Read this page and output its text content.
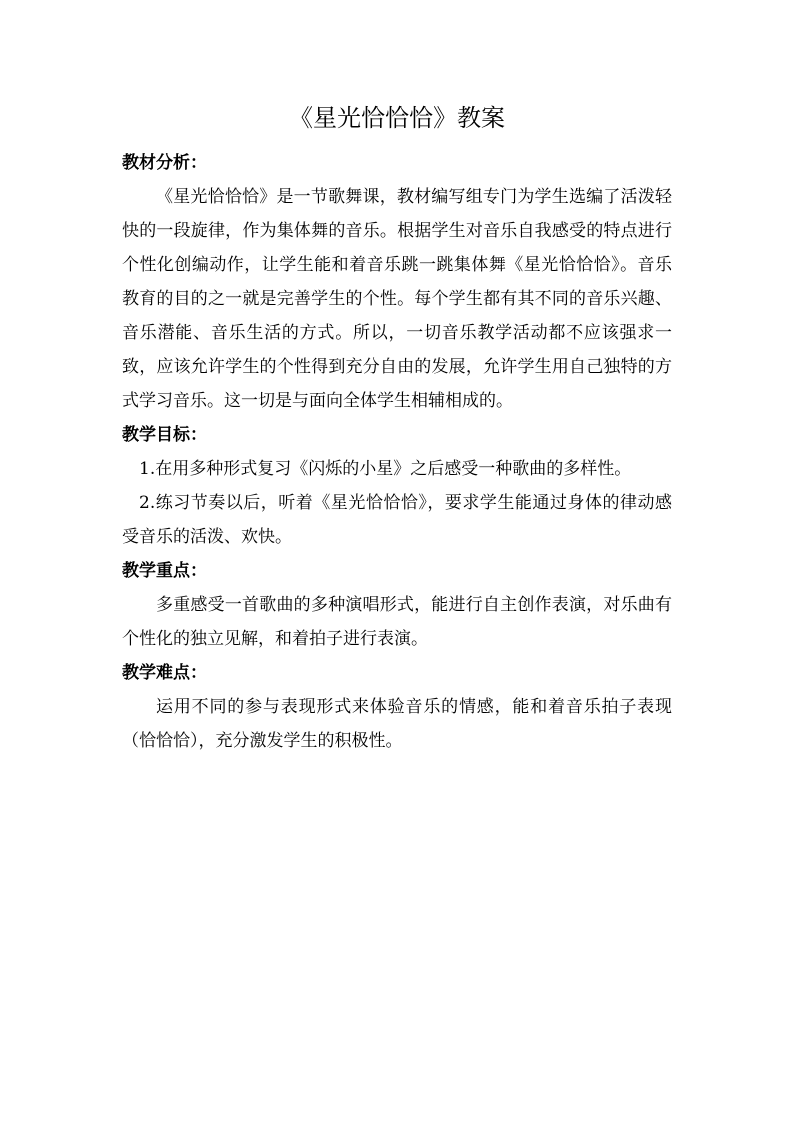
《星光恰恰恰》教案
教材分析：

《星光恰恰恰》是一节歌舞课，教材编写组专门为学生选编了活泼轻快的一段旋律，作为集体舞的音乐。根据学生对音乐自我感受的特点进行个性化创编动作，让学生能和着音乐跳一跳集体舞《星光恰恰恰》。音乐教育的目的之一就是完善学生的个性。每个学生都有其不同的音乐兴趣、音乐潜能、音乐生活的方式。所以，一切音乐教学活动都不应该强求一致，应该允许学生的个性得到充分自由的发展，允许学生用自己独特的方式学习音乐。这一切是与面向全体学生相辅相成的。

教学目标：

1.在用多种形式复习《闪烁的小星》之后感受一种歌曲的多样性。

2.练习节奏以后，听着《星光恰恰恰》，要求学生能通过身体的律动感受音乐的活泼、欢快。

教学重点：

多重感受一首歌曲的多种演唱形式，能进行自主创作表演，对乐曲有个性化的独立见解，和着拍子进行表演。

教学难点：

运用不同的参与表现形式来体验音乐的情感，能和着音乐拍子表现（恰恰恰），充分激发学生的积极性。
